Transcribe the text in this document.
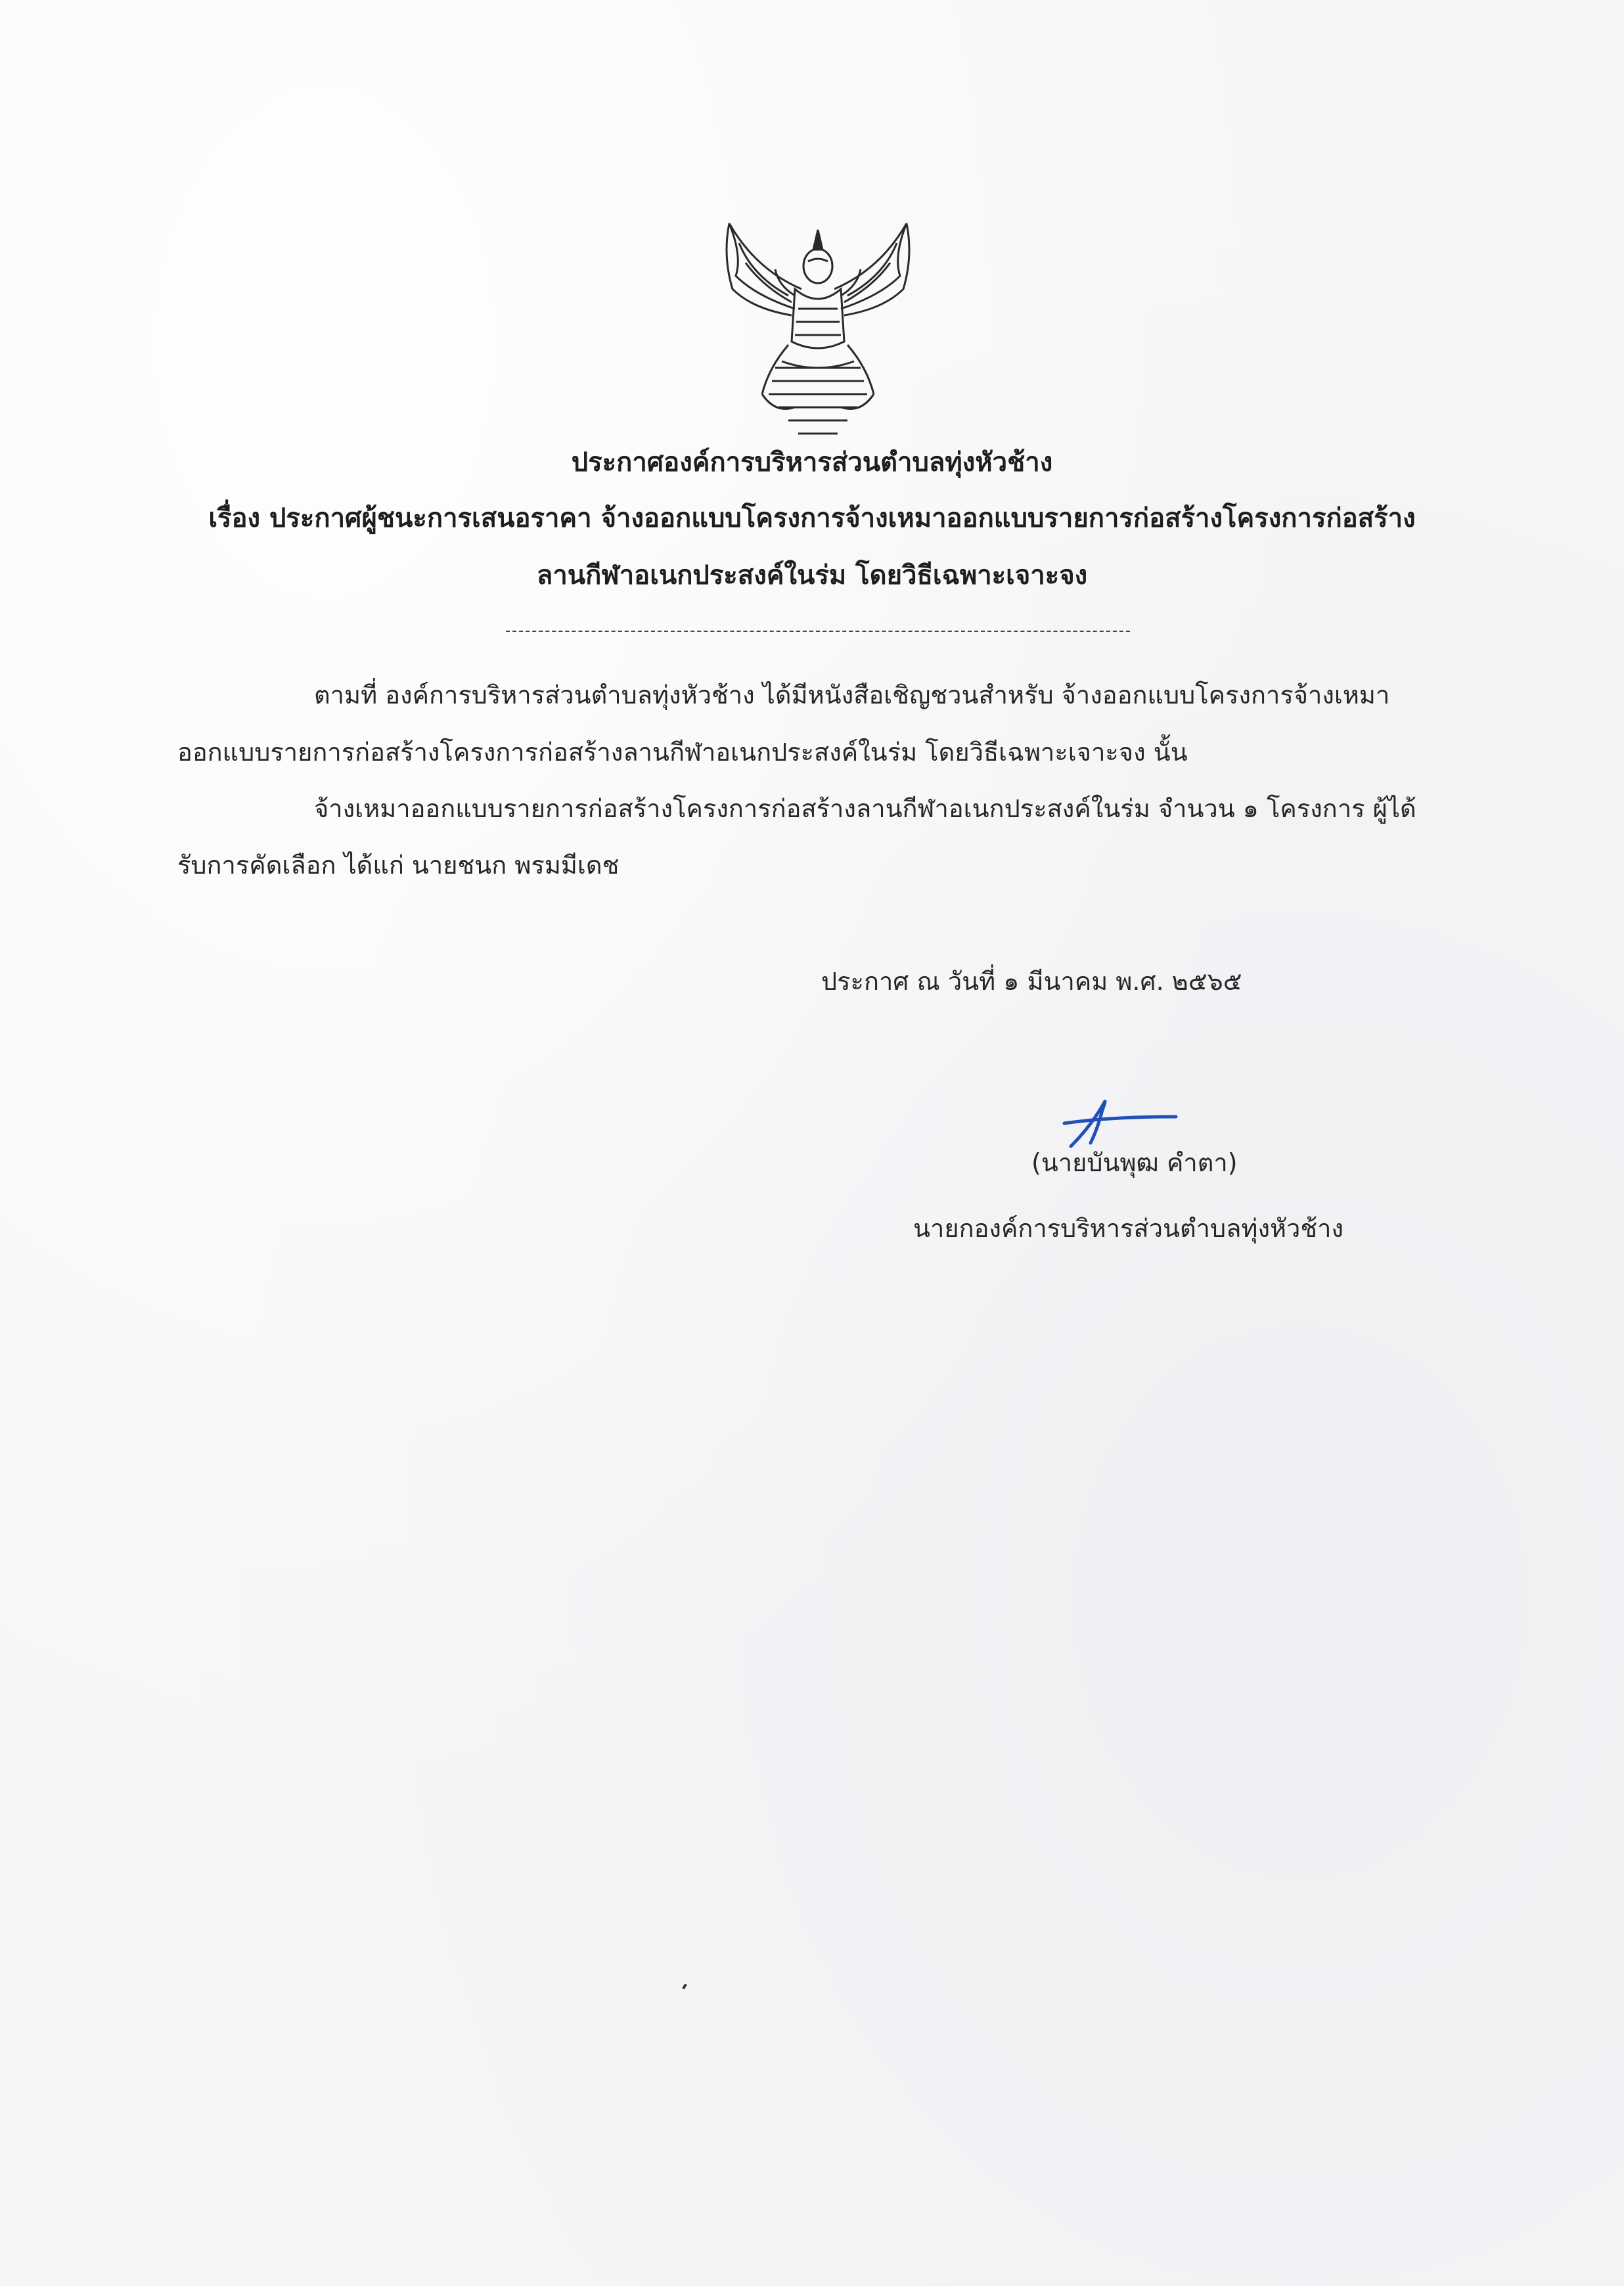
ประกาศองค์การบริหารส่วนตำบลทุ่งหัวช้าง
เรื่อง ประกาศผู้ชนะการเสนอราคา จ้างออกแบบโครงการจ้างเหมาออกแบบรายการก่อสร้างโครงการก่อสร้าง
ลานกีฬาอเนกประสงค์ในร่ม โดยวิธีเฉพาะเจาะจง
ตามที่ องค์การบริหารส่วนตำบลทุ่งหัวช้าง ได้มีหนังสือเชิญชวนสำหรับ จ้างออกแบบโครงการจ้างเหมา
ออกแบบรายการก่อสร้างโครงการก่อสร้างลานกีฬาอเนกประสงค์ในร่ม โดยวิธีเฉพาะเจาะจง นั้น
จ้างเหมาออกแบบรายการก่อสร้างโครงการก่อสร้างลานกีฬาอเนกประสงค์ในร่ม จำนวน ๑ โครงการ ผู้ได้
รับการคัดเลือก ได้แก่ นายชนก พรมมีเดช
ประกาศ ณ วันที่ ๑ มีนาคม พ.ศ. ๒๕๖๕
(นายบันพุฒ คำตา)
นายกองค์การบริหารส่วนตำบลทุ่งหัวช้าง
